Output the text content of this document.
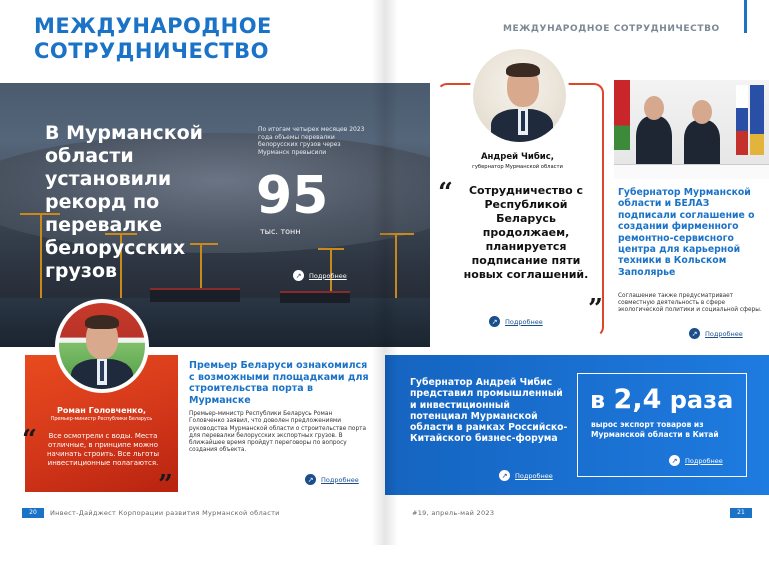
МЕЖДУНАРОДНОЕ
СОТРУДНИЧЕСТВО
В Мурманской области установили рекорд по перевалке белорусских грузов
По итогам четырех месяцев 2023 года объемы перевалки белорусских грузов через Мурманск превысили
95
тыс. тонн
↗	Подробнее
Роман Головченко,
Премьер-министр Республики Беларусь
“	Все осмотрели с воды. Места отличные, в принципе можно начинать строить. Все льготы инвестиционные полагаются.
”
Премьер Беларуси ознакомился с возможными площадками для строительства порта в Мурманске
Премьер-министр Республики Беларусь Роман Головченко заявил, что доволен предложениями руководства Мурманской области о строительстве порта для перевалки белорусских экспортных грузов. В ближайшее время пройдут переговоры по вопросу создания объекта.
↗	Подробнее
20	Инвест-Дайджест Корпорации развития Мурманской области
МЕЖДУНАРОДНОЕ СОТРУДНИЧЕСТВО
Андрей Чибис,
губернатор Мурманской области
“	Сотрудничество с Республикой Беларусь продолжаем, планируется подписание пяти новых соглашений.
”
↗	Подробнее
Губернатор Мурманской области и БЕЛАЗ подписали соглашение о создании фирменного ремонтно-сервисного центра для карьерной техники в Кольском Заполярье
Соглашение также предусматривает совместную деятельность в сфере экологической политики и социальной сферы.
↗	Подробнее
Губернатор Андрей Чибис представил промышленный и инвестиционный потенциал Мурманской области в рамках Российско-Китайского бизнес-форума
↗	Подробнее
в 2,4 раза
вырос экспорт товаров из Мурманской области в Китай
↗	Подробнее
#19, апрель-май 2023	21
